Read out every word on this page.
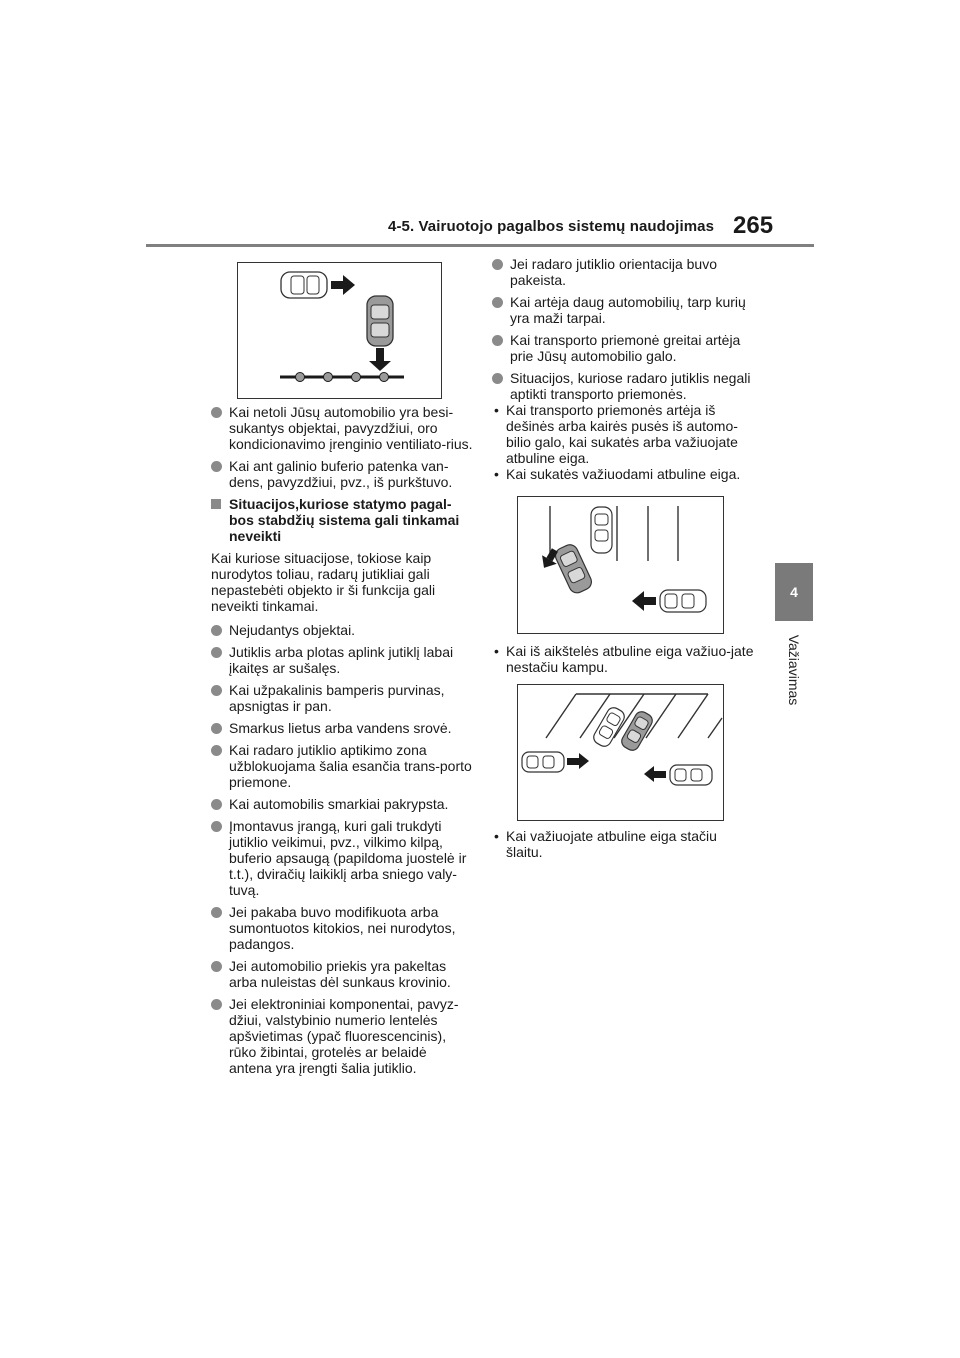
4-5. Vairuotojo pagalbos sistemų naudojimas 265
4
Važiavimas
Kai netoli Jūsų automobilio yra besi-sukantys objektai, pavyzdžiui, oro kondicionavimo įrenginio ventiliato-rius.
Kai ant galinio buferio patenka van-dens, pavyzdžiui, pvz., iš purkštuvo.
Situacijos,kuriose statymo pagal-bos stabdžių sistema gali tinkamai neveikti
Kai kuriose situacijose, tokiose kaip nurodytos toliau, radarų jutikliai gali nepastebėti objekto ir ši funkcija gali neveikti tinkamai.
Nejudantys objektai.
Jutiklis arba plotas aplink jutiklį labai įkaitęs ar sušalęs.
Kai užpakalinis bamperis purvinas, apsnigtas ir pan.
Smarkus lietus arba vandens srovė.
Kai radaro jutiklio aptikimo zona užblokuojama šalia esančia trans-porto priemone.
Kai automobilis smarkiai pakrypsta.
Įmontavus įrangą, kuri gali trukdyti jutiklio veikimui, pvz., vilkimo kilpą, buferio apsaugą (papildoma juostelė ir t.t.), dviračių laikiklį arba sniego valy-tuvą.
Jei pakaba buvo modifikuota arba sumontuotos kitokios, nei nurodytos, padangos.
Jei automobilio priekis yra pakeltas arba nuleistas dėl sunkaus krovinio.
Jei elektroniniai komponentai, pavyz-džiui, valstybinio numerio lentelės apšvietimas (ypač fluorescencinis), rūko žibintai, grotelės ar belaidė antena yra įrengti šalia jutiklio.
Jei radaro jutiklio orientacija buvo pakeista.
Kai artėja daug automobilių, tarp kurių yra maži tarpai.
Kai transporto priemonė greitai artėja prie Jūsų automobilio galo.
Situacijos, kuriose radaro jutiklis negali aptikti transporto priemonės.
• Kai transporto priemonės artėja iš dešinės arba kairės pusės iš automo-bilio galo, kai sukatės arba važiuojate atbuline eiga.
• Kai sukatės važiuodami atbuline eiga.
• Kai iš aikštelės atbuline eiga važiuo-jate nestačiu kampu.
• Kai važiuojate atbuline eiga stačiu šlaitu.
